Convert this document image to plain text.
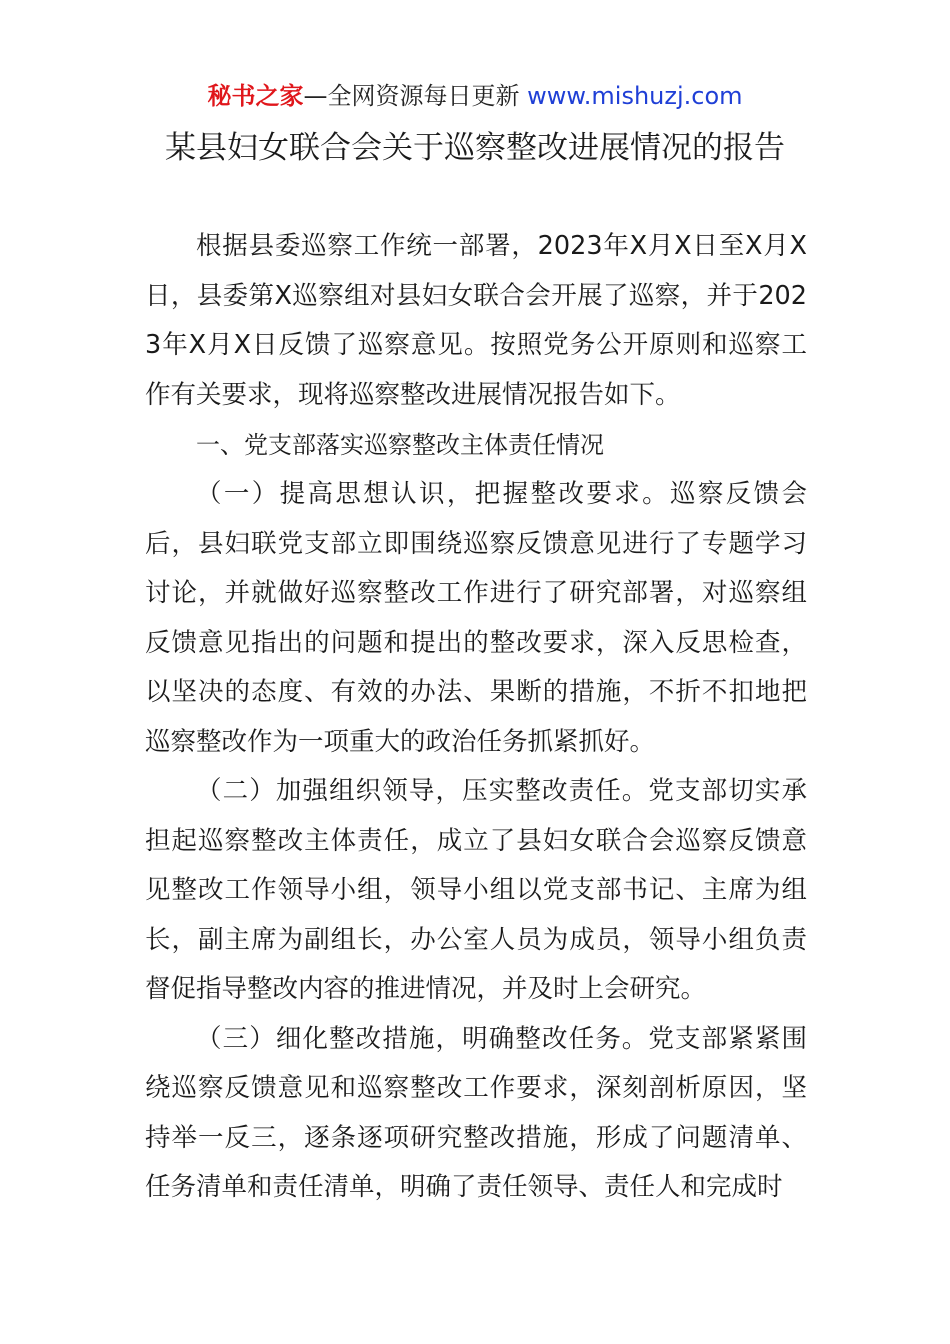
秘书之家—全网资源每日更新 www.mishuzj.com
某县妇女联合会关于巡察整改进展情况的报告

根据县委巡察工作统一部署，2023年X月X日至X月X日，县委第X巡察组对县妇女联合会开展了巡察，并于2023年X月X日反馈了巡察意见。按照党务公开原则和巡察工作有关要求，现将巡察整改进展情况报告如下。

一、党支部落实巡察整改主体责任情况

（一）提高思想认识，把握整改要求。巡察反馈会后，县妇联党支部立即围绕巡察反馈意见进行了专题学习讨论，并就做好巡察整改工作进行了研究部署，对巡察组反馈意见指出的问题和提出的整改要求，深入反思检查，以坚决的态度、有效的办法、果断的措施，不折不扣地把巡察整改作为一项重大的政治任务抓紧抓好。

（二）加强组织领导，压实整改责任。党支部切实承担起巡察整改主体责任，成立了县妇女联合会巡察反馈意见整改工作领导小组，领导小组以党支部书记、主席为组长，副主席为副组长，办公室人员为成员，领导小组负责督促指导整改内容的推进情况，并及时上会研究。

（三）细化整改措施，明确整改任务。党支部紧紧围绕巡察反馈意见和巡察整改工作要求，深刻剖析原因，坚持举一反三，逐条逐项研究整改措施，形成了问题清单、任务清单和责任清单，明确了责任领导、责任人和完成时
